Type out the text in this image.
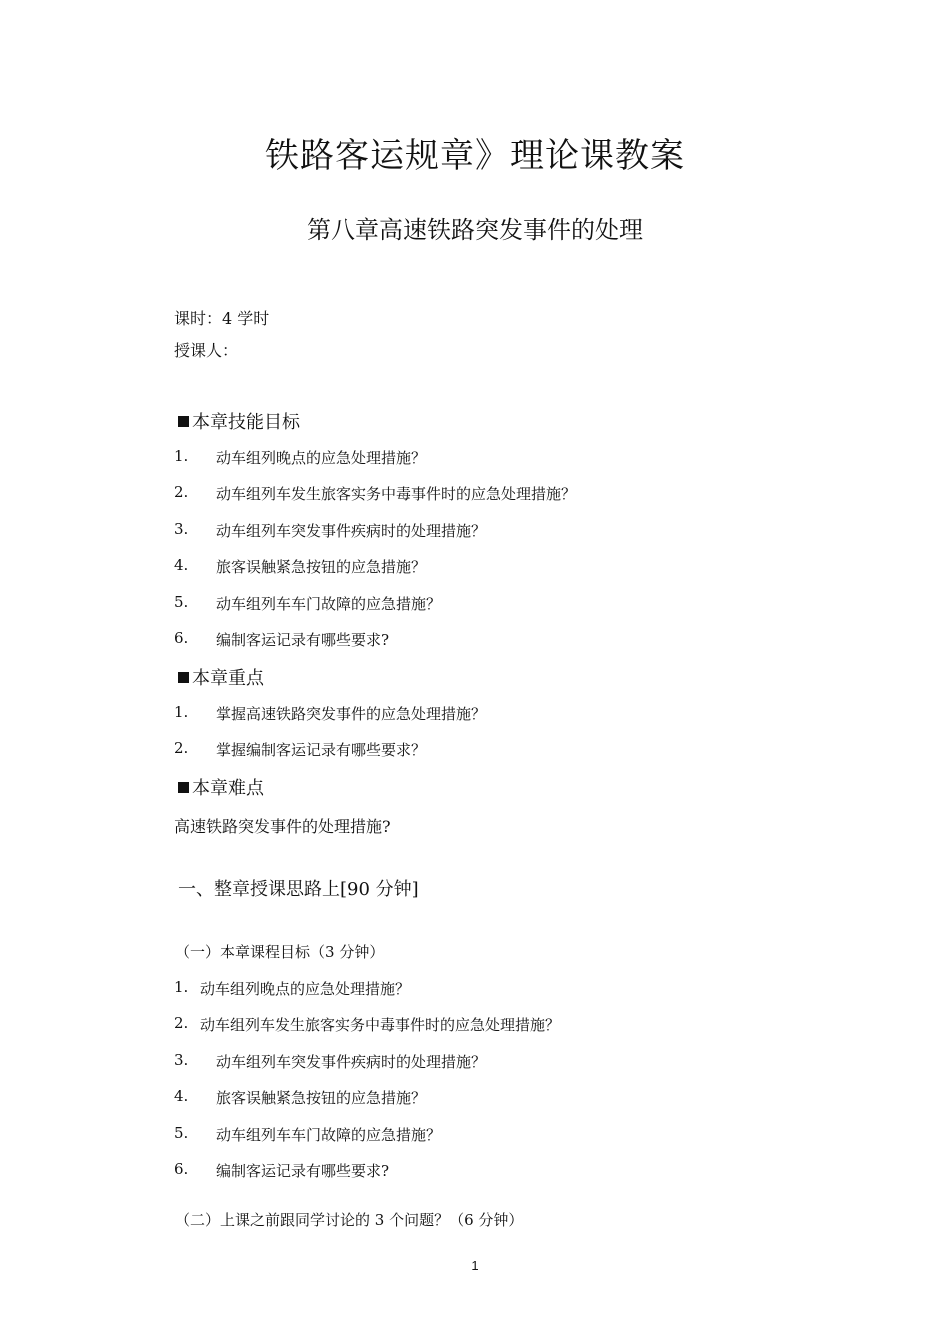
铁路客运规章》理论课教案
第八章高速铁路突发事件的处理
课时：4 学时
授课人：
本章技能目标
1. 动车组列晚点的应急处理措施？
2. 动车组列车发生旅客实务中毒事件时的应急处理措施？
3. 动车组列车突发事件疾病时的处理措施？
4. 旅客误触紧急按钮的应急措施？
5. 动车组列车车门故障的应急措施？
6. 编制客运记录有哪些要求?
本章重点
1. 掌握高速铁路突发事件的应急处理措施？
2. 掌握编制客运记录有哪些要求？
本章难点
高速铁路突发事件的处理措施?
一、整章授课思路上[90 分钟]
（一）本章课程目标（3 分钟）
1. 动车组列晚点的应急处理措施？
2. 动车组列车发生旅客实务中毒事件时的应急处理措施？
3. 动车组列车突发事件疾病时的处理措施？
4. 旅客误触紧急按钮的应急措施？
5. 动车组列车车门故障的应急措施？
6. 编制客运记录有哪些要求?
（二）上课之前跟同学讨论的 3 个问题？（6 分钟）
1
